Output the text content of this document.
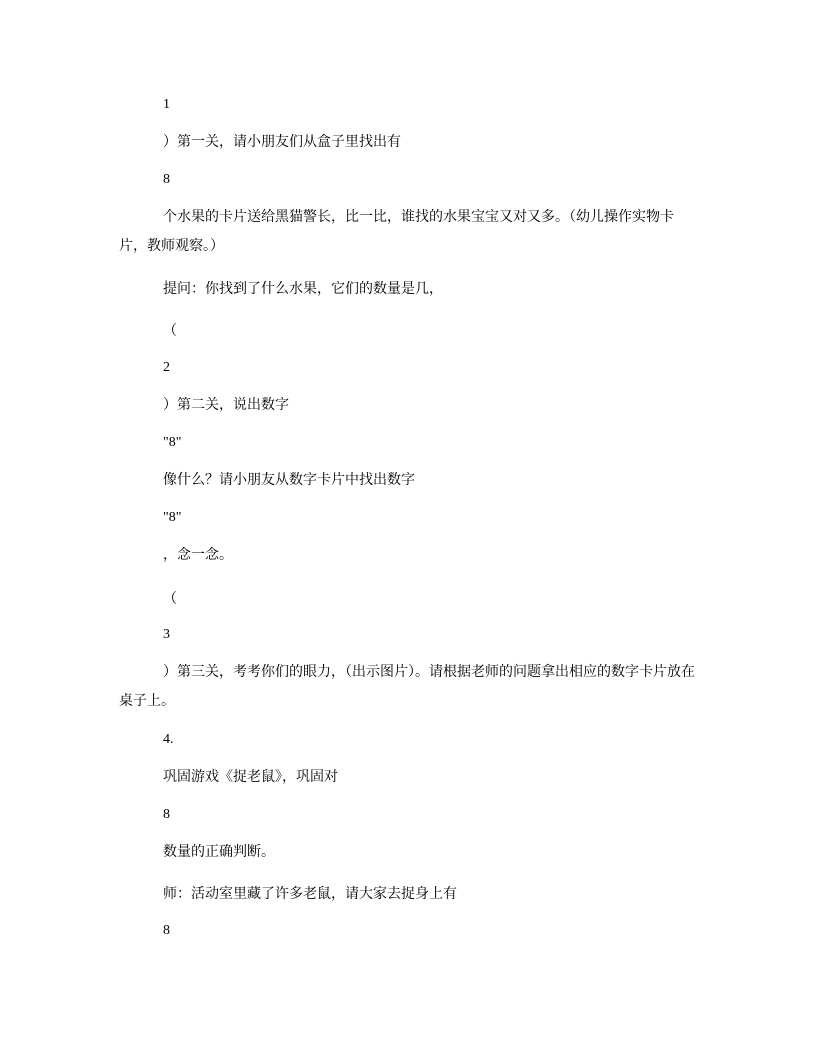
1
）第一关，请小朋友们从盒子里找出有
8
个水果的卡片送给黑猫警长，比一比，谁找的水果宝宝又对又多。（幼儿操作实物卡片，教师观察。）
提问：你找到了什么水果，它们的数量是几，
（
2
）第二关，说出数字
"8"
像什么？请小朋友从数字卡片中找出数字
"8"
，念一念。
（
3
）第三关，考考你们的眼力，（出示图片）。请根据老师的问题拿出相应的数字卡片放在桌子上。
4.
巩固游戏《捉老鼠》，巩固对
8
数量的正确判断。
师：活动室里藏了许多老鼠，请大家去捉身上有
8
